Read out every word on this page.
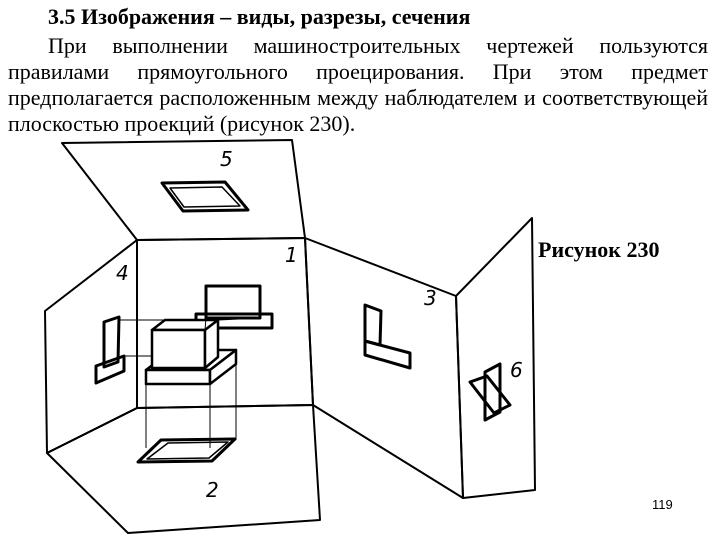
3.5 Изображения – виды, разрезы, сечения
При выполнении машиностроительных чертежей пользуются правилами прямоугольного проецирования. При этом предмет предполагается расположенным между наблюдателем и соответствующей плоскостью проекций (рисунок 230).
5
1
4
3
6
2
Рисунок 230
119
